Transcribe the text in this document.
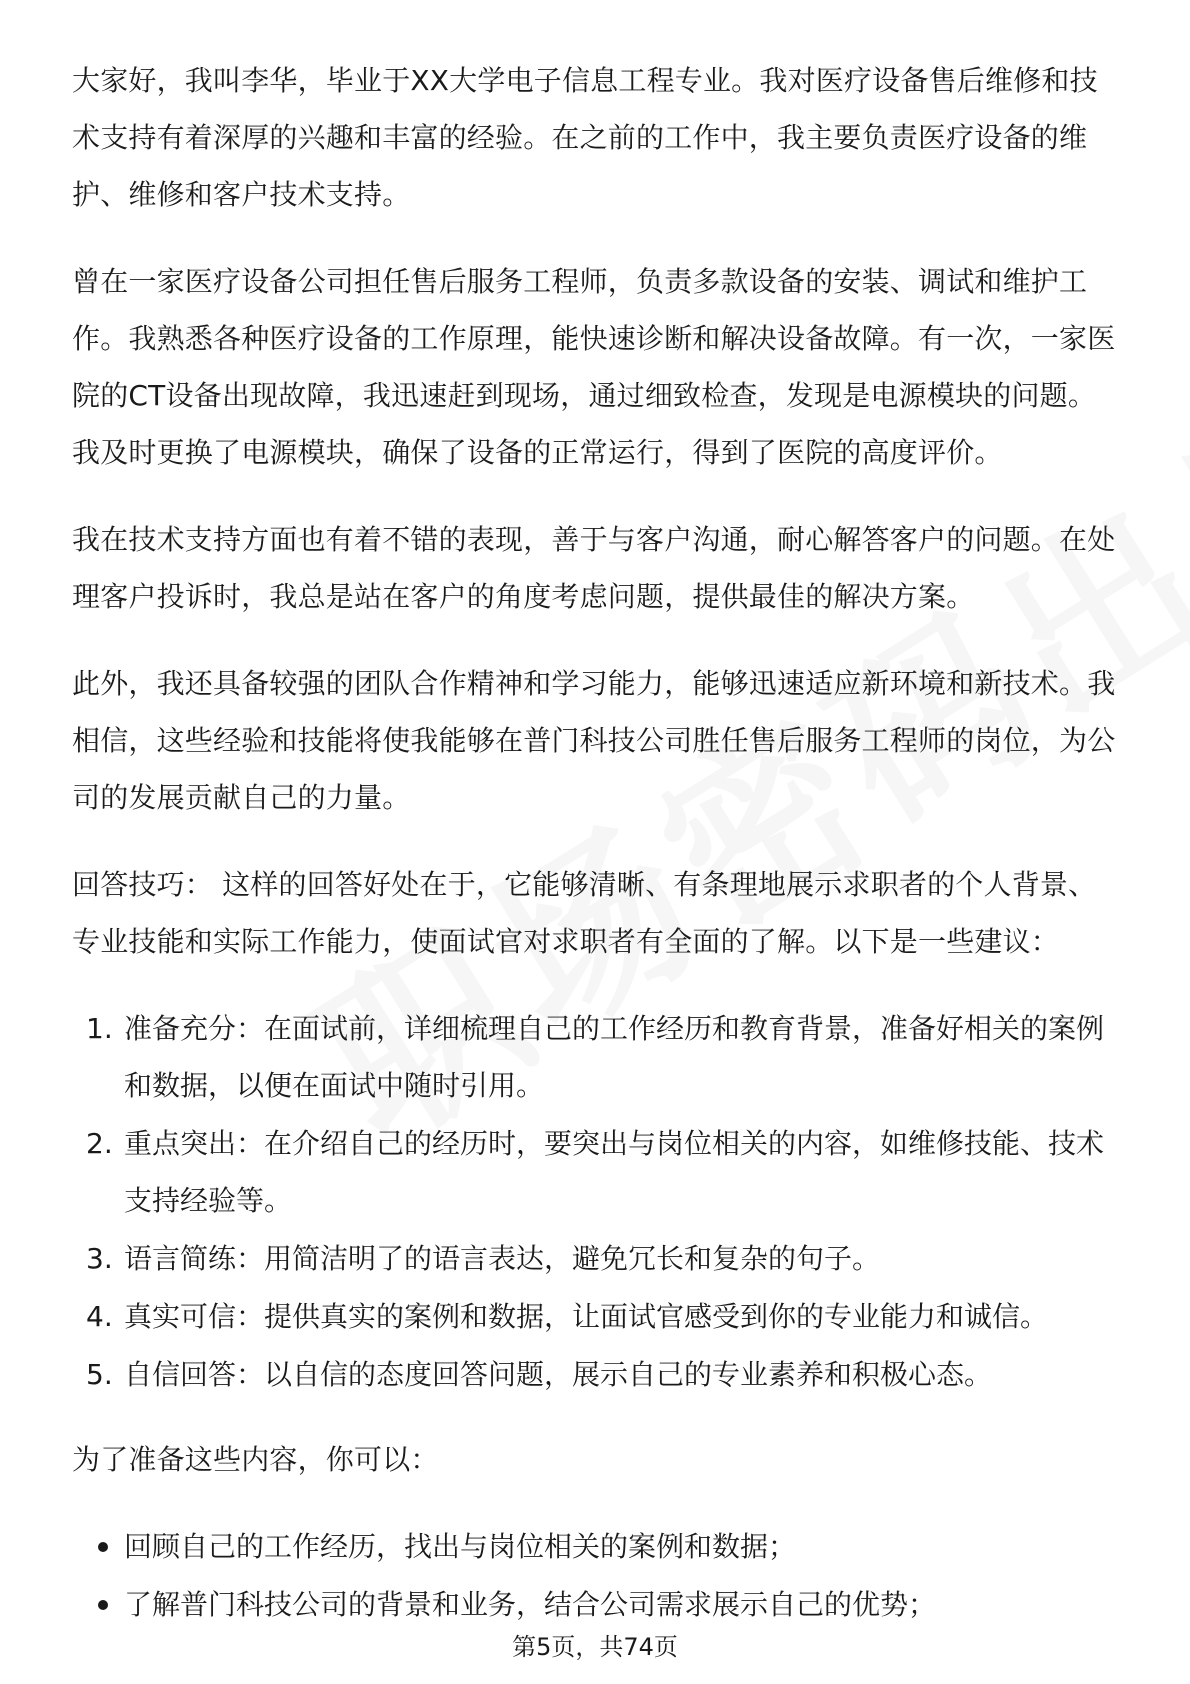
大家好，我叫李华，毕业于XX大学电子信息工程专业。我对医疗设备售后维修和技术支持有着深厚的兴趣和丰富的经验。在之前的工作中，我主要负责医疗设备的维护、维修和客户技术支持。

曾在一家医疗设备公司担任售后服务工程师，负责多款设备的安装、调试和维护工作。我熟悉各种医疗设备的工作原理，能快速诊断和解决设备故障。有一次，一家医院的CT设备出现故障，我迅速赶到现场，通过细致检查，发现是电源模块的问题。我及时更换了电源模块，确保了设备的正常运行，得到了医院的高度评价。

我在技术支持方面也有着不错的表现，善于与客户沟通，耐心解答客户的问题。在处理客户投诉时，我总是站在客户的角度考虑问题，提供最佳的解决方案。

此外，我还具备较强的团队合作精神和学习能力，能够迅速适应新环境和新技术。我相信，这些经验和技能将使我能够在普门科技公司胜任售后服务工程师的岗位，为公司的发展贡献自己的力量。

回答技巧： 这样的回答好处在于，它能够清晰、有条理地展示求职者的个人背景、专业技能和实际工作能力，使面试官对求职者有全面的了解。以下是一些建议：

1. 准备充分：在面试前，详细梳理自己的工作经历和教育背景，准备好相关的案例和数据，以便在面试中随时引用。
2. 重点突出：在介绍自己的经历时，要突出与岗位相关的内容，如维修技能、技术支持经验等。
3. 语言简练：用简洁明了的语言表达，避免冗长和复杂的句子。
4. 真实可信：提供真实的案例和数据，让面试官感受到你的专业能力和诚信。
5. 自信回答：以自信的态度回答问题，展示自己的专业素养和积极心态。

为了准备这些内容，你可以：

回顾自己的工作经历，找出与岗位相关的案例和数据；
了解普门科技公司的背景和业务，结合公司需求展示自己的优势；
第5页，共74页
